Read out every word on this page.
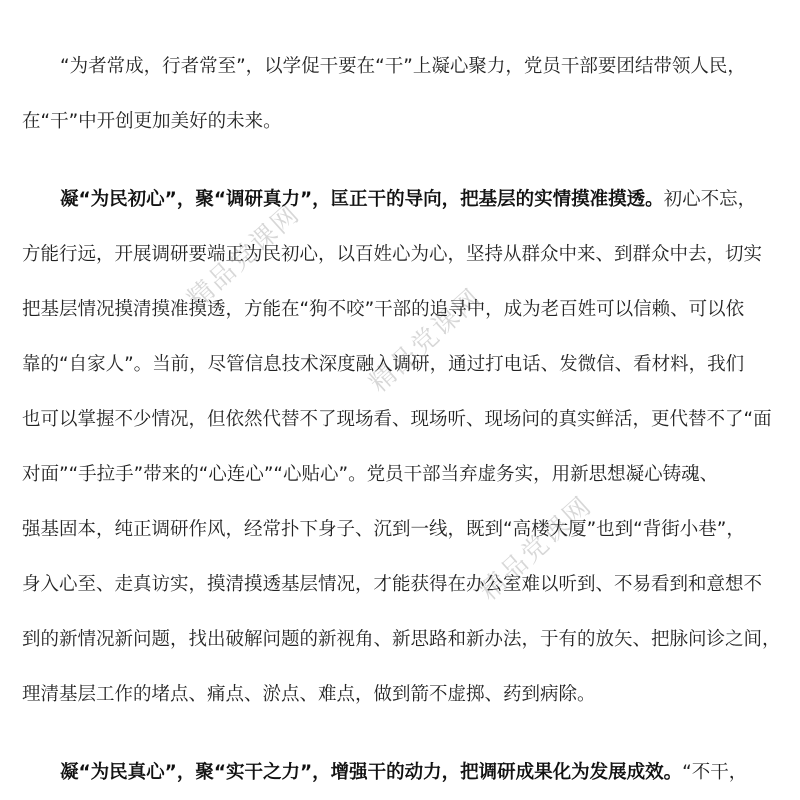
精品党课网
精品党课网
精品党课网
“为者常成，行者常至”，以学促干要在“干”上凝心聚力，党员干部要团结带领人民，
在“干”中开创更加美好的未来。
凝“为民初心”，聚“调研真力”，匡正干的导向，把基层的实情摸准摸透。初心不忘，
方能行远，开展调研要端正为民初心，以百姓心为心，坚持从群众中来、到群众中去，切实
把基层情况摸清摸准摸透，方能在“狗不咬”干部的追寻中，成为老百姓可以信赖、可以依
靠的“自家人”。当前，尽管信息技术深度融入调研，通过打电话、发微信、看材料，我们
也可以掌握不少情况，但依然代替不了现场看、现场听、现场问的真实鲜活，更代替不了“面
对面”“手拉手”带来的“心连心”“心贴心”。党员干部当弃虚务实，用新思想凝心铸魂、
强基固本，纯正调研作风，经常扑下身子、沉到一线，既到“高楼大厦”也到“背街小巷”，
身入心至、走真访实，摸清摸透基层情况，才能获得在办公室难以听到、不易看到和意想不
到的新情况新问题，找出破解问题的新视角、新思路和新办法，于有的放矢、把脉问诊之间，
理清基层工作的堵点、痛点、淤点、难点，做到箭不虚掷、药到病除。
凝“为民真心”，聚“实干之力”，增强干的动力，把调研成果化为发展成效。“不干，
